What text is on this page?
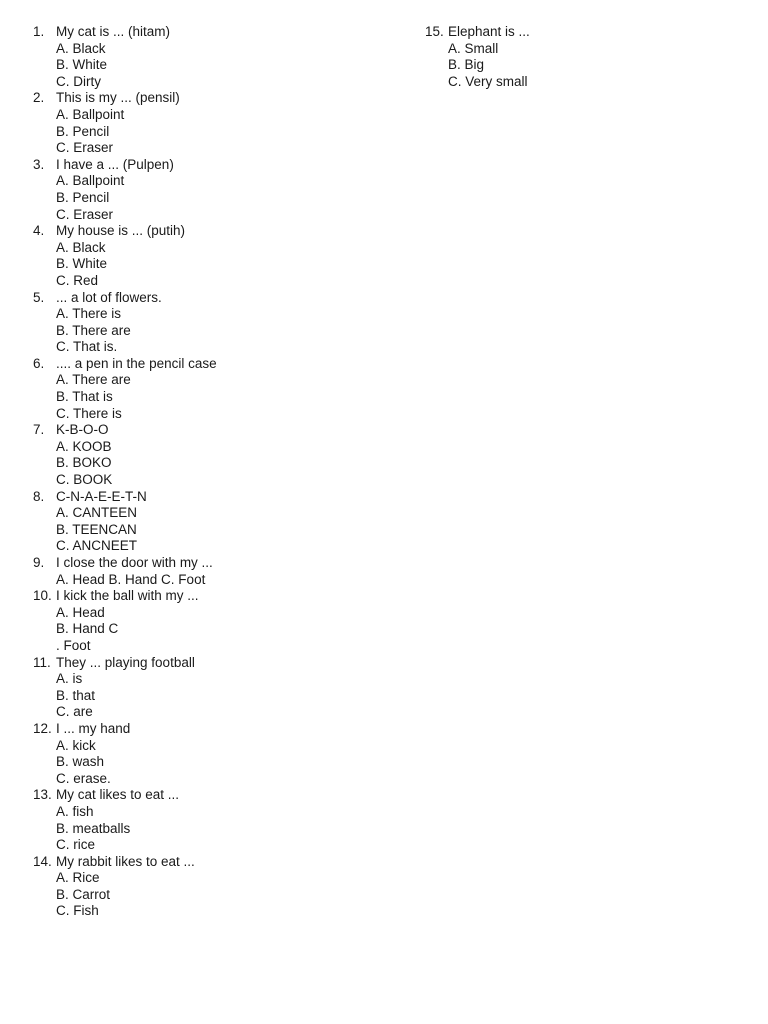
1. My cat is ... (hitam)
A. Black
B. White
C. Dirty
2. This is my ... (pensil)
A. Ballpoint
B. Pencil
C. Eraser
3. I have a ... (Pulpen)
A. Ballpoint
B. Pencil
C. Eraser
4. My house is ... (putih)
A. Black
B. White
C. Red
5. ... a lot of flowers.
A. There is
B. There are
C. That is.
6. .... a pen in the pencil case
A. There are
B. That is
C. There is
7. K-B-O-O
A. KOOB
B. BOKO
C. BOOK
8. C-N-A-E-E-T-N
A. CANTEEN
B. TEENCAN
C. ANCNEET
9. I close the door with my ...
A. Head B. Hand C. Foot
10. I kick the ball with my ...
A. Head
B. Hand C
. Foot
11. They ... playing football
A. is
B. that
C. are
12. I ... my hand
A. kick
B. wash
C. erase.
13. My cat likes to eat ...
A. fish
B. meatballs
C. rice
14. My rabbit likes to eat ...
A. Rice
B. Carrot
C. Fish
15. Elephant is ...
A. Small
B. Big
C. Very small
